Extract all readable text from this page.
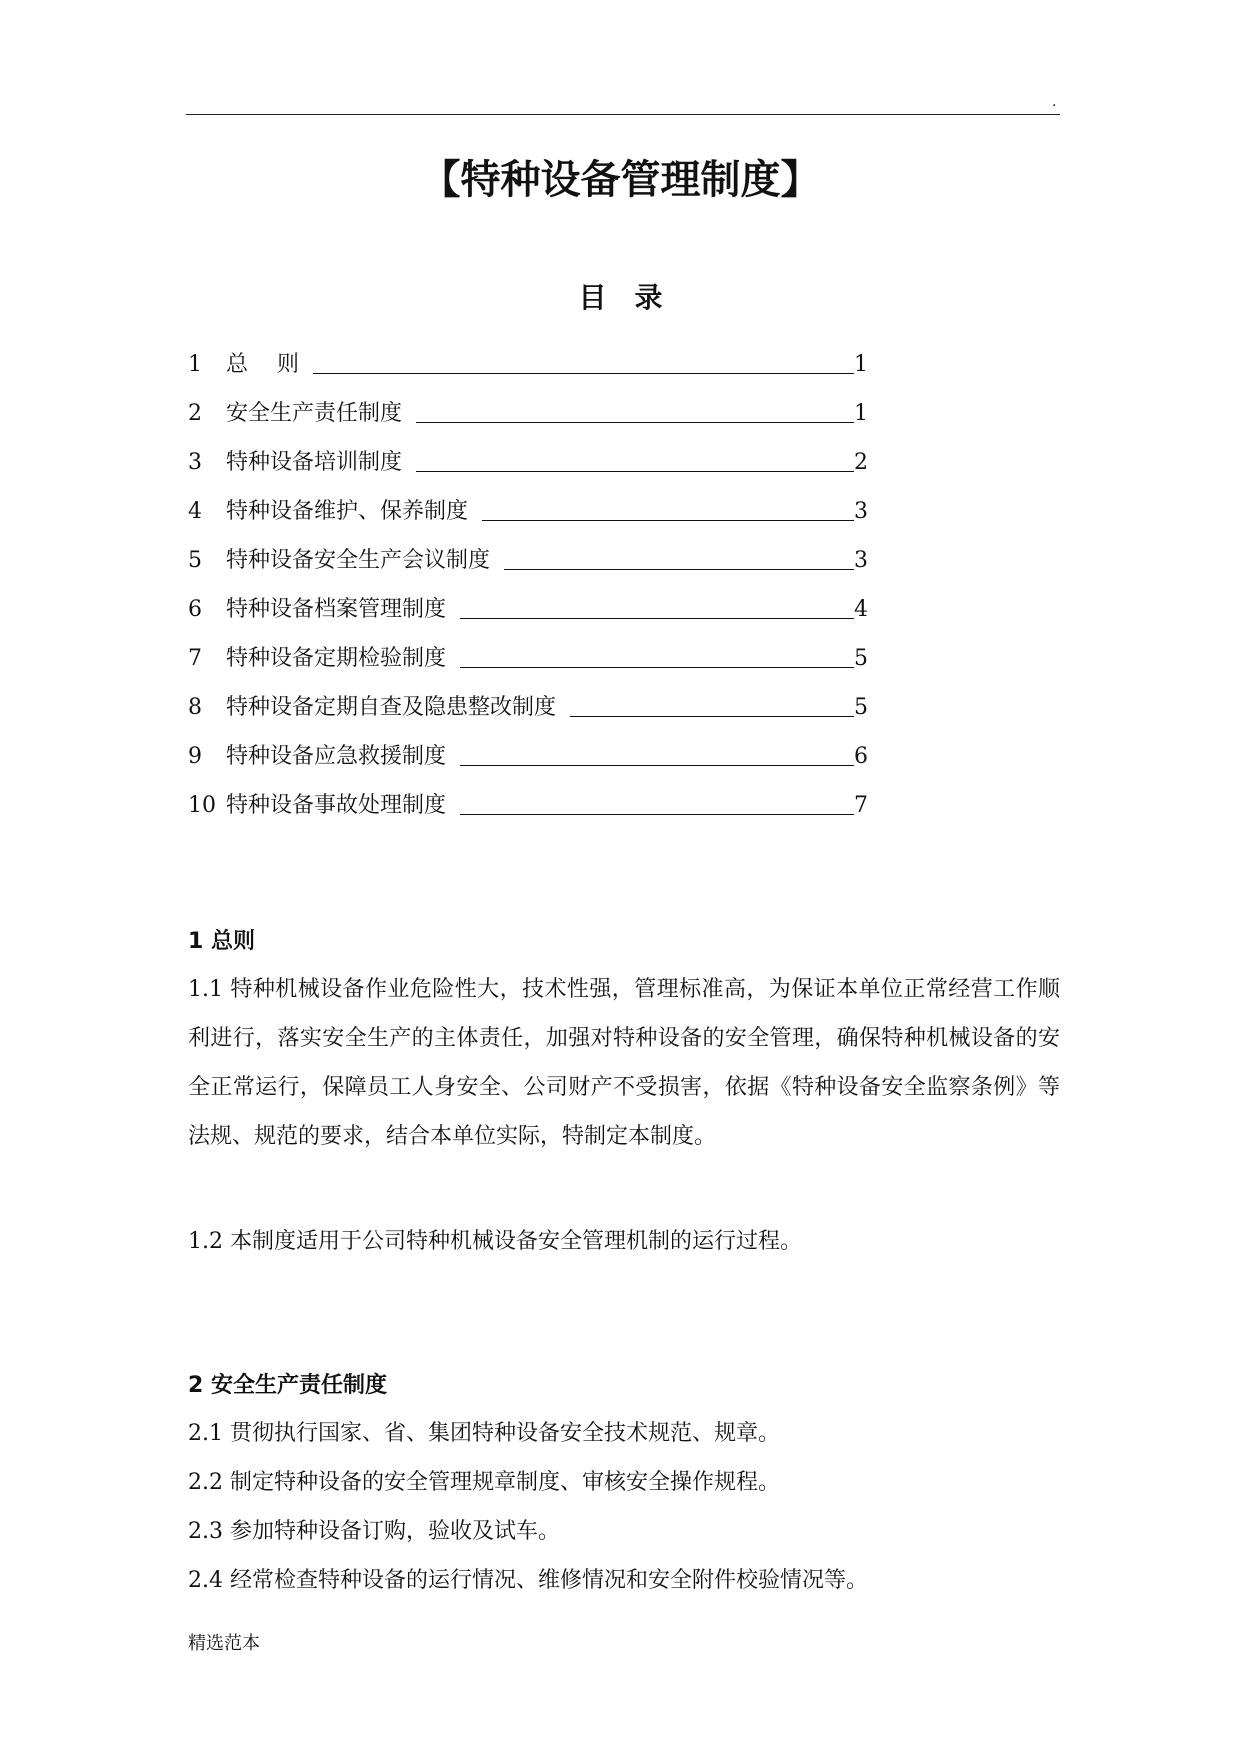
.
【特种设备管理制度】
目录
1	总　 则	1
2	安全生产责任制度	1
3	特种设备培训制度	2
4	特种设备维护、保养制度	3
5	特种设备安全生产会议制度	3
6	特种设备档案管理制度	4
7	特种设备定期检验制度	5
8	特种设备定期自查及隐患整改制度	5
9	特种设备应急救援制度	6
10 特种设备事故处理制度	7
1 总则

1.1 特种机械设备作业危险性大，技术性强，管理标准高，为保证本单位正常经营工作顺利进行，落实安全生产的主体责任，加强对特种设备的安全管理，确保特种机械设备的安全正常运行，保障员工人身安全、公司财产不受损害，依据《特种设备安全监察条例》等法规、规范的要求，结合本单位实际，特制定本制度。

1.2 本制度适用于公司特种机械设备安全管理机制的运行过程。

2 安全生产责任制度

2.1 贯彻执行国家、省、集团特种设备安全技术规范、规章。

2.2 制定特种设备的安全管理规章制度、审核安全操作规程。

2.3 参加特种设备订购，验收及试车。

2.4 经常检查特种设备的运行情况、维修情况和安全附件校验情况等。

精选范本
